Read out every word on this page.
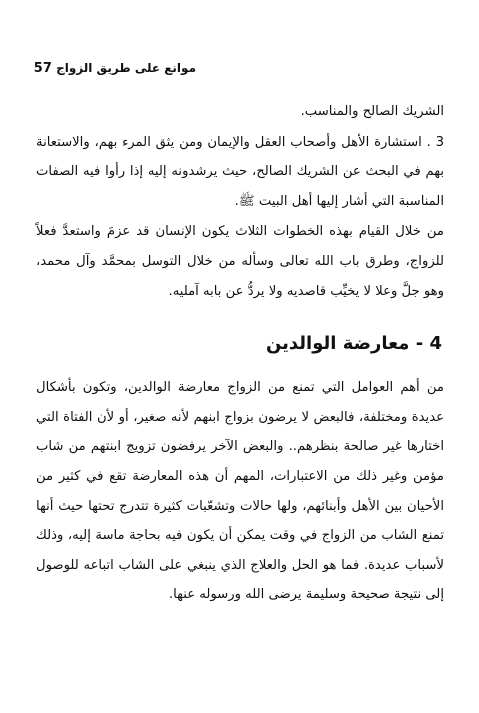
موانع على طريق الزواج 57

الشريك الصالح والمناسب.

3 . استشارة الأهل وأصحاب العقل والإيمان ومن يثق المرء بهم، والاستعانة بهم في البحث عن الشريك الصالح، حيث يرشدونه إليه إذا رأوا فيه الصفات المناسبة التي أشار إليها أهل البيت ﷺ.

من خلال القيام بهذه الخطوات الثلاث يكون الإنسان قد عزمَ واستعدَّ فعلاً للزواج، وطرق باب الله تعالى وسأله من خلال التوسل بمحمَّد وآل محمد، وهو جلَّ وعلا لا يخيِّب قاصديه ولا يردُّ عن بابه آمليه.

4 - معارضة الوالدين

من أهم العوامل التي تمنع من الزواج معارضة الوالدين، وتكون بأشكال عديدة ومختلفة، فالبعض لا يرضون بزواج ابنهم لأنه صغير، أو لأن الفتاة التي اختارها غير صالحة بنظرهم.. والبعض الآخر يرفضون تزويج ابنتهم من شاب مؤمن وغير ذلك من الاعتبارات، المهم أن هذه المعارضة تقع في كثير من الأحيان بين الأهل وأبنائهم، ولها حالات وتشعّبات كثيرة تتدرج تحتها حيث أنها تمنع الشاب من الزواج في وقت يمكن أن يكون فيه بحاجة ماسة إليه، وذلك لأسباب عديدة. فما هو الحل والعلاج الذي ينبغي على الشاب اتباعه للوصول إلى نتيجة صحيحة وسليمة يرضى الله ورسوله عنها.
